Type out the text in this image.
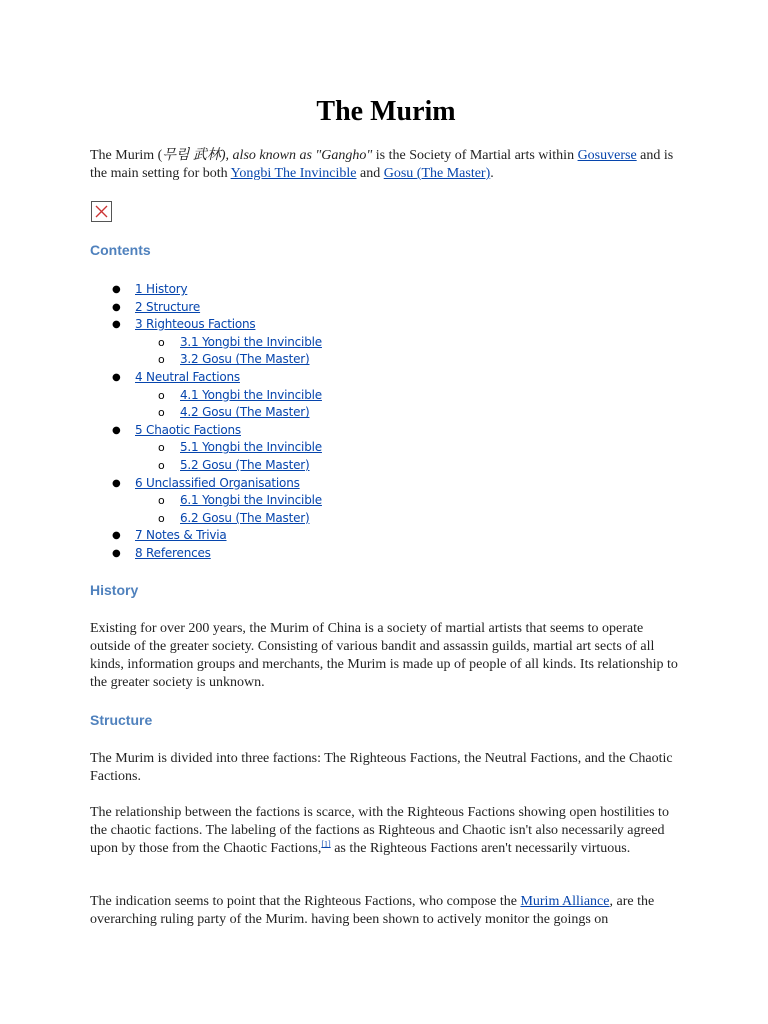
The Murim

The Murim (무림 武林), also known as "Gangho" is the Society of Martial arts within Gosuverse and is the main setting for both Yongbi The Invincible and Gosu (The Master).

Contents
● 1 History
● 2 Structure
● 3 Righteous Factions
o 3.1 Yongbi the Invincible
o 3.2 Gosu (The Master)
● 4 Neutral Factions
o 4.1 Yongbi the Invincible
o 4.2 Gosu (The Master)
● 5 Chaotic Factions
o 5.1 Yongbi the Invincible
o 5.2 Gosu (The Master)
● 6 Unclassified Organisations
o 6.1 Yongbi the Invincible
o 6.2 Gosu (The Master)
● 7 Notes & Trivia
● 8 References
History

Existing for over 200 years, the Murim of China is a society of martial artists that seems to operate outside of the greater society. Consisting of various bandit and assassin guilds, martial art sects of all kinds, information groups and merchants, the Murim is made up of people of all kinds. Its relationship to the greater society is unknown.

Structure

The Murim is divided into three factions: The Righteous Factions, the Neutral Factions, and the Chaotic Factions.

The relationship between the factions is scarce, with the Righteous Factions showing open hostilities to the chaotic factions. The labeling of the factions as Righteous and Chaotic isn't also necessarily agreed upon by those from the Chaotic Factions,[1] as the Righteous Factions aren't necessarily virtuous.

The indication seems to point that the Righteous Factions, who compose the Murim Alliance, are the overarching ruling party of the Murim. having been shown to actively monitor the goings on
